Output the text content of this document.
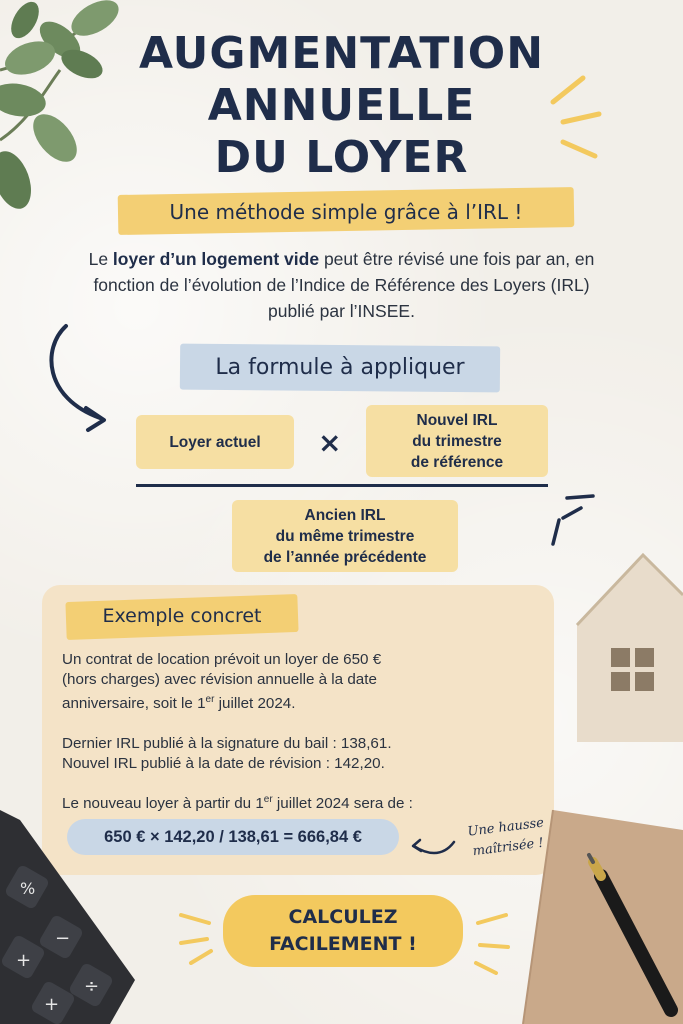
AUGMENTATION
ANNUELLE
DU LOYER
Une méthode simple grâce à l’IRL !
Le loyer d’un logement vide peut être révisé une fois par an, en fonction de l’évolution de l’Indice de Référence des Loyers (IRL) publié par l’INSEE.
La formule à appliquer
Loyer actuel ×
Nouvel IRL
du trimestre
de référence
Ancien IRL
du même trimestre
de l’année précédente
Exemple concret
Un contrat de location prévoit un loyer de 650 €
(hors charges) avec révision annuelle à la date
anniversaire, soit le 1er juillet 2024.
Dernier IRL publié à la signature du bail : 138,61.
Nouvel IRL publié à la date de révision : 142,20.
Le nouveau loyer à partir du 1er juillet 2024 sera de :
650 € × 142,20 / 138,61 = 666,84 €	Une hausse
maîtrisée !
%
−
÷
+
+
CALCULEZ
FACILEMENT !
